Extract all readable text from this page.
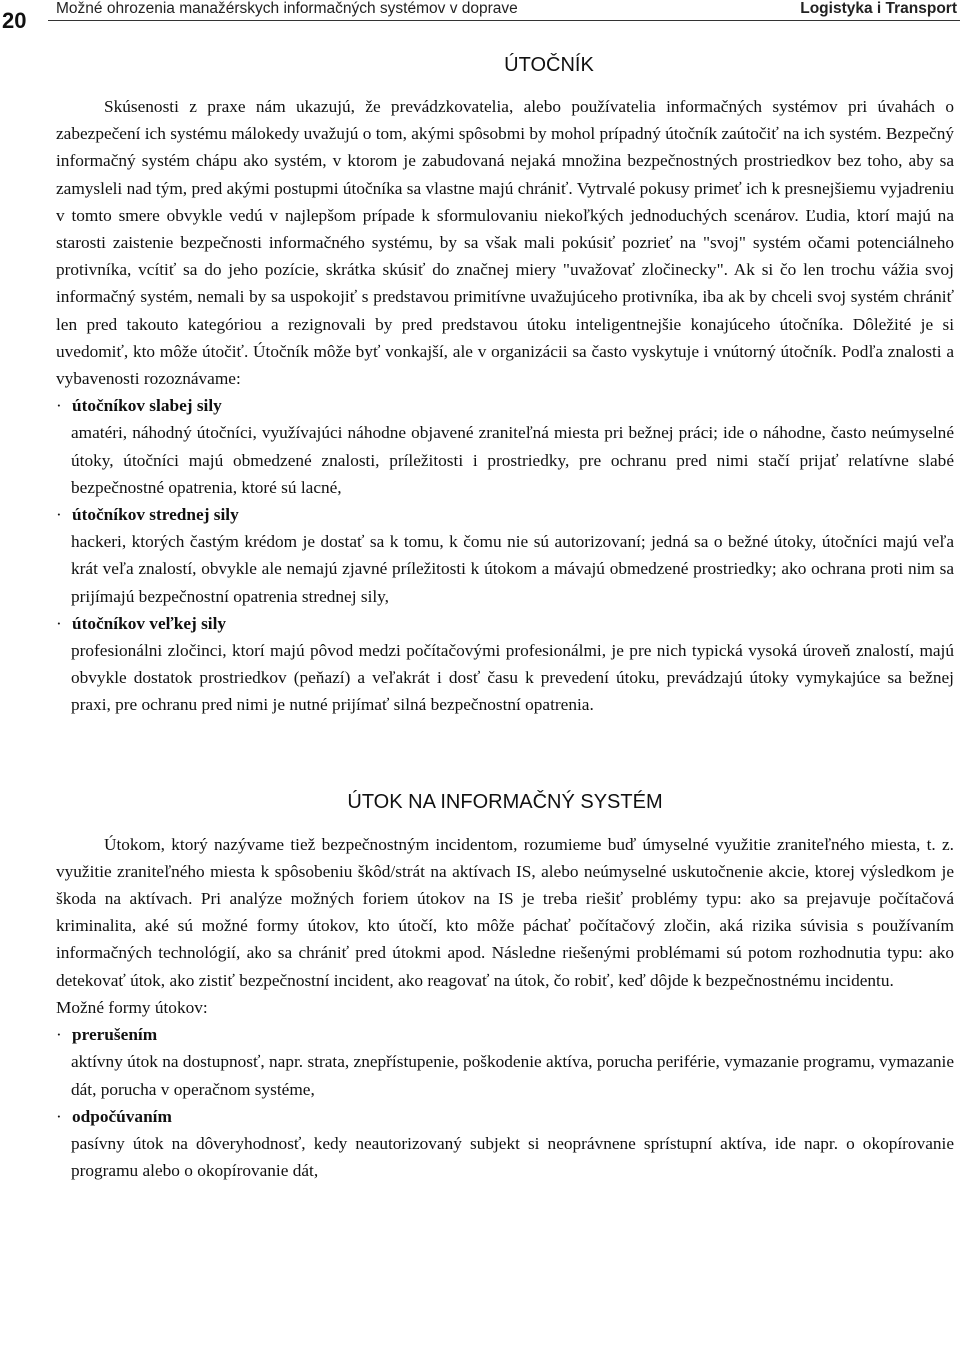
20 Možné ohrozenia manažérskych informačných systémov v doprave	Logistyka i Transport
ÚTOČNÍK

Skúsenosti z praxe nám ukazujú, že prevádzkovatelia, alebo používatelia informačných systémov pri úvahách o zabezpečení ich systému málokedy uvažujú o tom, akými spôsobmi by mohol prípadný útočník zaútočiť na ich systém. Bezpečný informačný systém chápu ako systém, v ktorom je zabudovaná nejaká množina bezpečnostných prostriedkov bez toho, aby sa zamysleli nad tým, pred akými postupmi útočníka sa vlastne majú chrániť. Vytrvalé pokusy primeť ich k presnejšiemu vyjadreniu v tomto smere obvykle vedú v najlepšom prípade k sformulovaniu niekoľkých jednoduchých scenárov. Ľudia, ktorí majú na starosti zaistenie bezpečnosti informačného systému, by sa však mali pokúsiť pozrieť na "svoj" systém očami potenciálneho protivníka, vcítiť sa do jeho pozície, skrátka skúsiť do značnej miery "uvažovať zločinecky". Ak si čo len trochu vážia svoj informačný systém, nemali by sa uspokojiť s predstavou primitívne uvažujúceho protivníka, iba ak by chceli svoj systém chrániť len pred takouto kategóriou a rezignovali by pred predstavou útoku inteligentnejšie konajúceho útočníka. Dôležité je si uvedomiť, kto môže útočiť. Útočník môže byť vonkajší, ale v organizácii sa často vyskytuje i vnútorný útočník. Podľa znalosti a vybavenosti rozoznávame:

· útočníkov slabej sily
amatéri, náhodný útočníci, využívajúci náhodne objavené zraniteľná miesta pri bežnej práci; ide o náhodne, často neúmyselné útoky, útočníci majú obmedzené znalosti, príležitosti i prostriedky, pre ochranu pred nimi stačí prijať relatívne slabé bezpečnostné opatrenia, ktoré sú lacné,
· útočníkov strednej sily
hackeri, ktorých častým krédom je dostať sa k tomu, k čomu nie sú autorizovaní; jedná sa o bežné útoky, útočníci majú veľa krát veľa znalostí, obvykle ale nemajú zjavné príležitosti k útokom a mávajú obmedzené prostriedky; ako ochrana proti nim sa prijímajú bezpečnostní opatrenia strednej sily,
· útočníkov veľkej sily
profesionálni zločinci, ktorí majú pôvod medzi počítačovými profesionálmi, je pre nich typická vysoká úroveň znalostí, majú obvykle dostatok prostriedkov (peňazí) a veľakrát i dosť času k prevedení útoku, prevádzajú útoky vymykajúce sa bežnej praxi, pre ochranu pred nimi je nutné prijímať silná bezpečnostní opatrenia.
ÚTOK NA INFORMAČNÝ SYSTÉM

Útokom, ktorý nazývame tiež bezpečnostným incidentom, rozumieme buď úmyselné využitie zraniteľného miesta, t. z. využitie zraniteľného miesta k spôsobeniu škôd/strát na aktívach IS, alebo neúmyselné uskutočnenie akcie, ktorej výsledkom je škoda na aktívach. Pri analýze možných foriem útokov na IS je treba riešiť problémy typu: ako sa prejavuje počítačová kriminalita, aké sú možné formy útokov, kto útočí, kto môže páchať počítačový zločin, aká rizika súvisia s používaním informačných technológií, ako sa chrániť pred útokmi apod. Následne riešenými problémami sú potom rozhodnutia typu: ako detekovať útok, ako zistiť bezpečnostní incident, ako reagovať na útok, čo robiť, keď dôjde k bezpečnostnému incidentu.

Možné formy útokov:
· prerušením
aktívny útok na dostupnosť, napr. strata, znepřístupenie, poškodenie aktíva, porucha periférie, vymazanie programu, vymazanie dát, porucha v operačnom systéme,
· odpočúvaním
pasívny útok na dôveryhodnosť, kedy neautorizovaný subjekt si neoprávnene sprístupní aktíva, ide napr. o okopírovanie programu alebo o okopírovanie dát,
